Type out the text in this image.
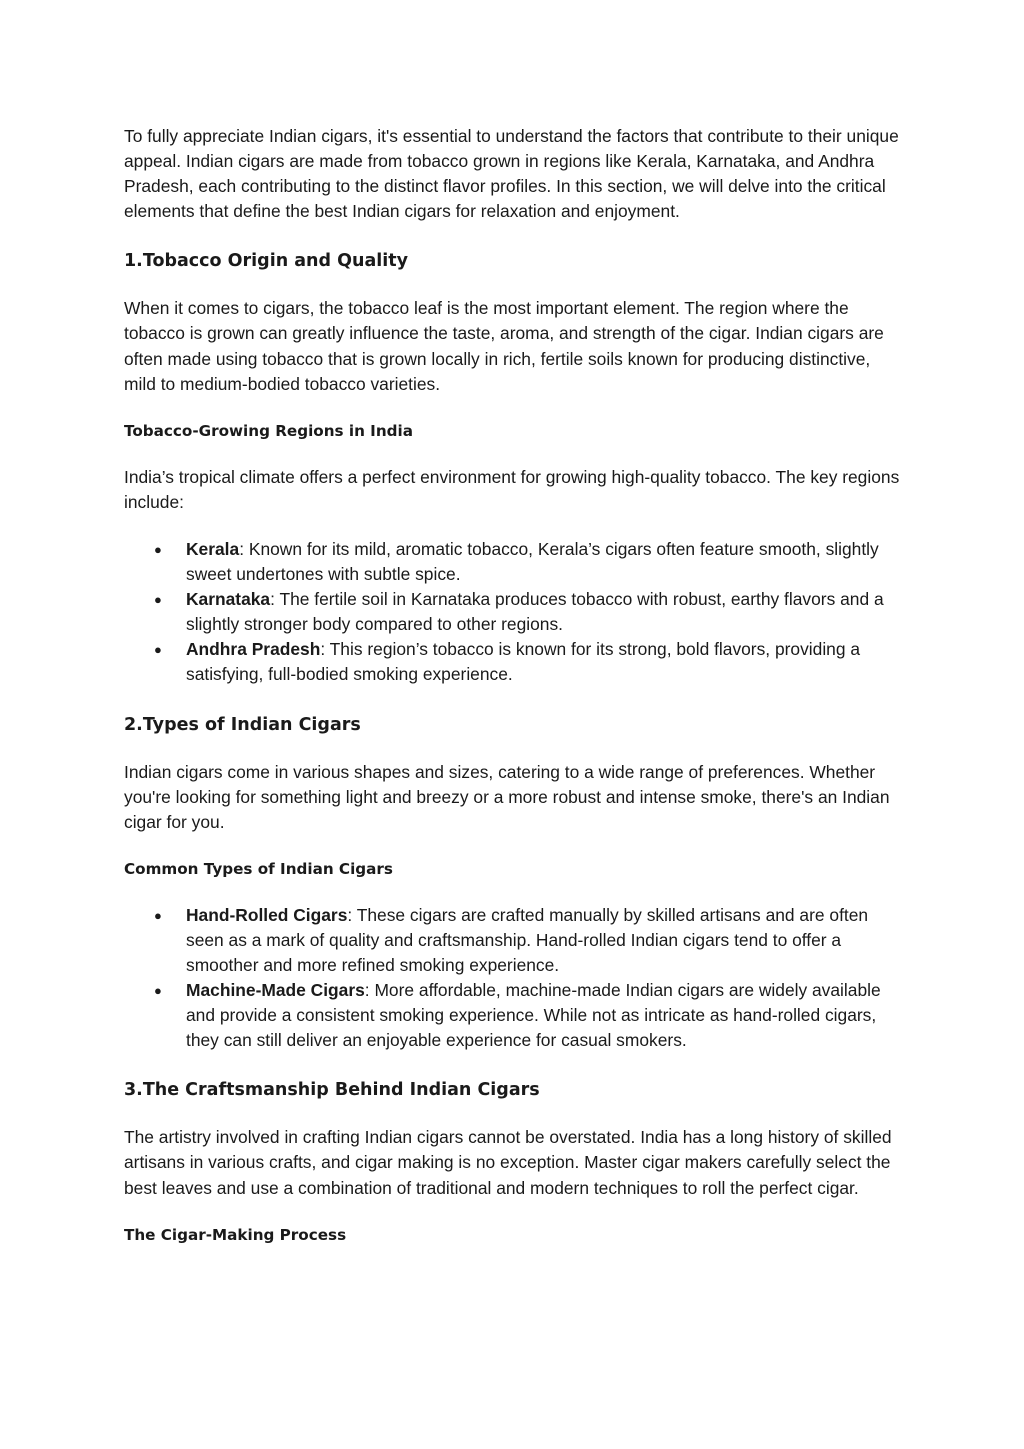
To fully appreciate Indian cigars, it's essential to understand the factors that contribute to their unique appeal. Indian cigars are made from tobacco grown in regions like Kerala, Karnataka, and Andhra Pradesh, each contributing to the distinct flavor profiles. In this section, we will delve into the critical elements that define the best Indian cigars for relaxation and enjoyment.

1.Tobacco Origin and Quality

When it comes to cigars, the tobacco leaf is the most important element. The region where the tobacco is grown can greatly influence the taste, aroma, and strength of the cigar. Indian cigars are often made using tobacco that is grown locally in rich, fertile soils known for producing distinctive, mild to medium-bodied tobacco varieties.

Tobacco-Growing Regions in India

India’s tropical climate offers a perfect environment for growing high-quality tobacco. The key regions include:

● Kerala: Known for its mild, aromatic tobacco, Kerala’s cigars often feature smooth, slightly sweet undertones with subtle spice.
● Karnataka: The fertile soil in Karnataka produces tobacco with robust, earthy flavors and a slightly stronger body compared to other regions.
● Andhra Pradesh: This region’s tobacco is known for its strong, bold flavors, providing a satisfying, full-bodied smoking experience.
2.Types of Indian Cigars

Indian cigars come in various shapes and sizes, catering to a wide range of preferences. Whether you're looking for something light and breezy or a more robust and intense smoke, there's an Indian cigar for you.

Common Types of Indian Cigars
● Hand-Rolled Cigars: These cigars are crafted manually by skilled artisans and are often seen as a mark of quality and craftsmanship. Hand-rolled Indian cigars tend to offer a smoother and more refined smoking experience.
● Machine-Made Cigars: More affordable, machine-made Indian cigars are widely available and provide a consistent smoking experience. While not as intricate as hand-rolled cigars, they can still deliver an enjoyable experience for casual smokers.
3.The Craftsmanship Behind Indian Cigars

The artistry involved in crafting Indian cigars cannot be overstated. India has a long history of skilled artisans in various crafts, and cigar making is no exception. Master cigar makers carefully select the best leaves and use a combination of traditional and modern techniques to roll the perfect cigar.

The Cigar-Making Process
